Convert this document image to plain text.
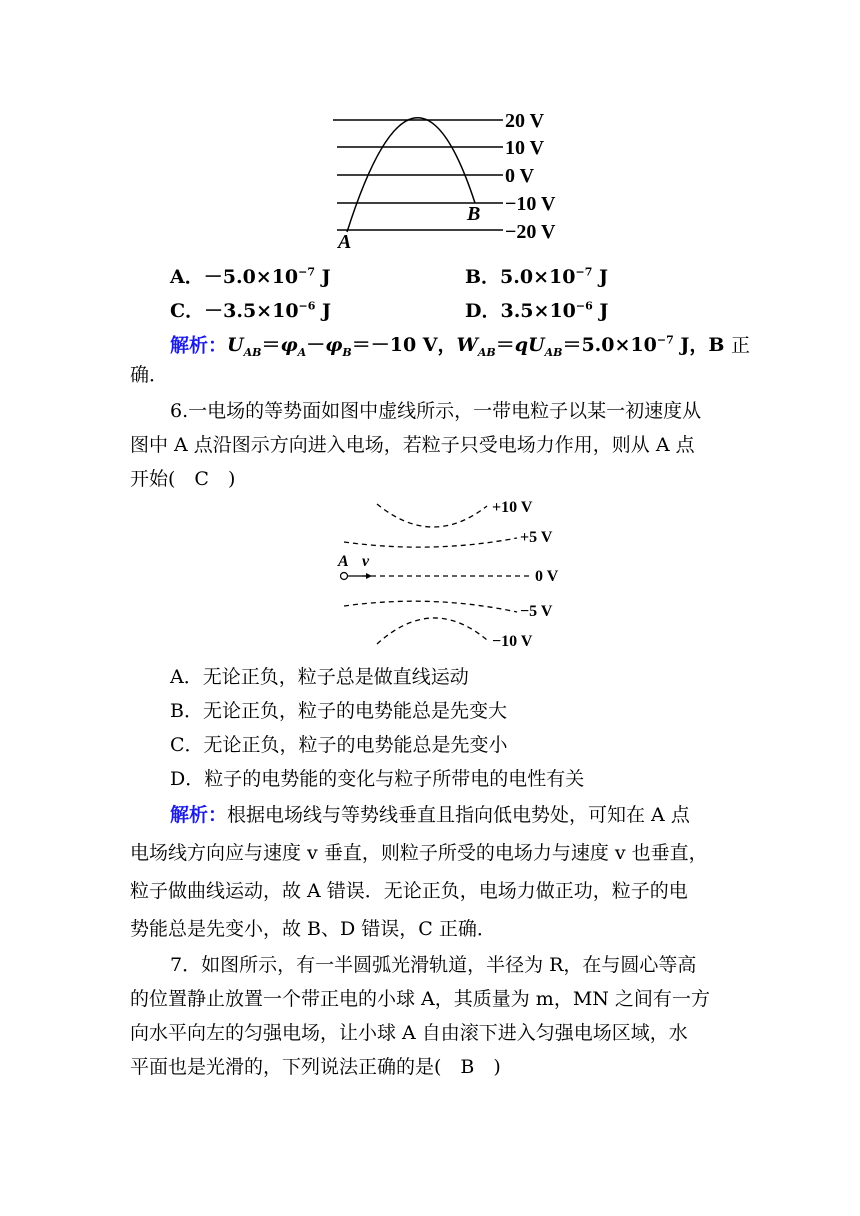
20 V
10 V
0 V
−10 V
−20 V
A
B
A．$-5.0\times 10^{-7}$ J	B．$5.0\times 10^{-7}$ J
C．$-3.5\times 10^{-6}$ J	D．$3.5\times 10^{-6}$ J
解析：$U_{AB}=\varphi_A-\varphi_B=-10$ V，$W_{AB}=qU_{AB}=5.0\times 10^{-7}$ J，B 正
确．
6.一电场的等势面如图中虚线所示，一带电粒子以某一初速度从
图中 A 点沿图示方向进入电场，若粒子只受电场力作用，则从 A 点
开始(　C　)
+10 V
+5 V
0 V
−5 V
−10 V
A v
A．无论正负，粒子总是做直线运动
B．无论正负，粒子的电势能总是先变大
C．无论正负，粒子的电势能总是先变小
D．粒子的电势能的变化与粒子所带电的电性有关
解析：根据电场线与等势线垂直且指向低电势处，可知在 A 点
电场线方向应与速度 v 垂直，则粒子所受的电场力与速度 v 也垂直，
粒子做曲线运动，故 A 错误．无论正负，电场力做正功，粒子的电
势能总是先变小，故 B、D 错误，C 正确．
7．如图所示，有一半圆弧光滑轨道，半径为 R，在与圆心等高
的位置静止放置一个带正电的小球 A，其质量为 m，MN 之间有一方
向水平向左的匀强电场，让小球 A 自由滚下进入匀强电场区域，水
平面也是光滑的，下列说法正确的是(　B　)
